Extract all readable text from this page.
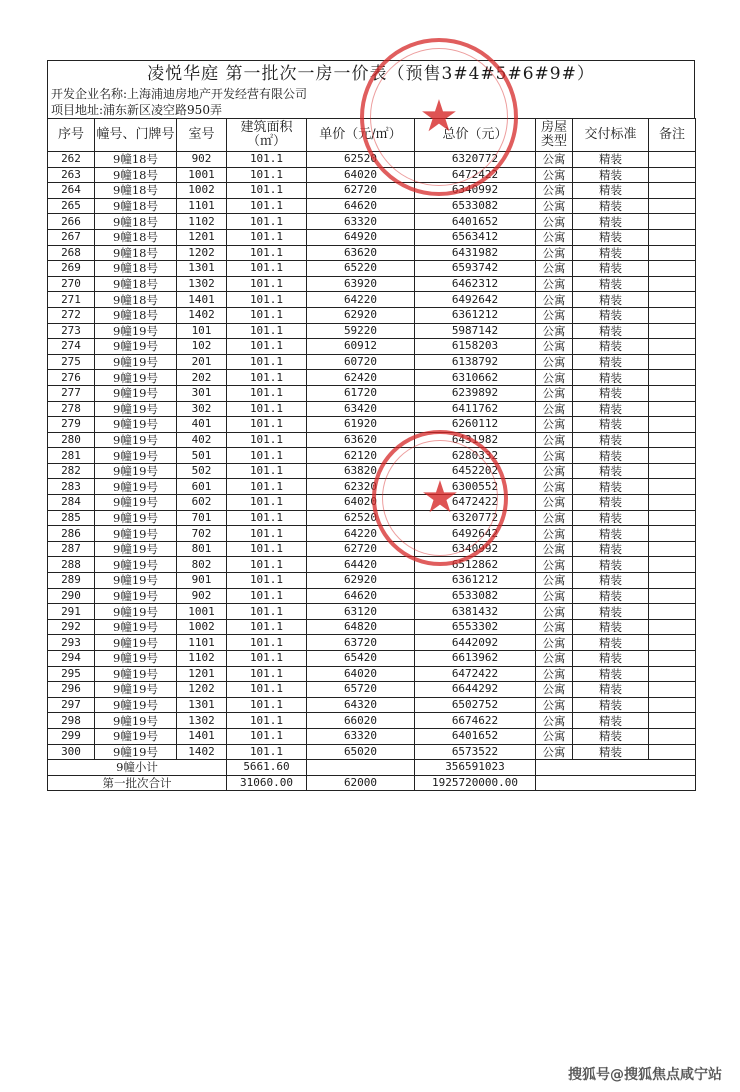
凌悦华庭 第一批次一房一价表（预售3#4#5#6#9#）
开发企业名称:上海浦迪房地产开发经营有限公司
项目地址:浦东新区凌空路950弄
序号	幢号、门牌号	室号	建筑面积（㎡）	单价（元/㎡）	总价（元）	房屋类型	交付标准	备注
262	9幢18号	902	101.1	62520	6320772	公寓	精装	
263	9幢18号	1001	101.1	64020	6472422	公寓	精装	
264	9幢18号	1002	101.1	62720	6340992	公寓	精装	
265	9幢18号	1101	101.1	64620	6533082	公寓	精装	
266	9幢18号	1102	101.1	63320	6401652	公寓	精装	
267	9幢18号	1201	101.1	64920	6563412	公寓	精装	
268	9幢18号	1202	101.1	63620	6431982	公寓	精装	
269	9幢18号	1301	101.1	65220	6593742	公寓	精装	
270	9幢18号	1302	101.1	63920	6462312	公寓	精装	
271	9幢18号	1401	101.1	64220	6492642	公寓	精装	
272	9幢18号	1402	101.1	62920	6361212	公寓	精装	
273	9幢19号	101	101.1	59220	5987142	公寓	精装	
274	9幢19号	102	101.1	60912	6158203	公寓	精装	
275	9幢19号	201	101.1	60720	6138792	公寓	精装	
276	9幢19号	202	101.1	62420	6310662	公寓	精装	
277	9幢19号	301	101.1	61720	6239892	公寓	精装	
278	9幢19号	302	101.1	63420	6411762	公寓	精装	
279	9幢19号	401	101.1	61920	6260112	公寓	精装	
280	9幢19号	402	101.1	63620	6431982	公寓	精装	
281	9幢19号	501	101.1	62120	6280332	公寓	精装	
282	9幢19号	502	101.1	63820	6452202	公寓	精装	
283	9幢19号	601	101.1	62320	6300552	公寓	精装	
284	9幢19号	602	101.1	64020	6472422	公寓	精装	
285	9幢19号	701	101.1	62520	6320772	公寓	精装	
286	9幢19号	702	101.1	64220	6492642	公寓	精装	
287	9幢19号	801	101.1	62720	6340992	公寓	精装	
288	9幢19号	802	101.1	64420	6512862	公寓	精装	
289	9幢19号	901	101.1	62920	6361212	公寓	精装	
290	9幢19号	902	101.1	64620	6533082	公寓	精装	
291	9幢19号	1001	101.1	63120	6381432	公寓	精装	
292	9幢19号	1002	101.1	64820	6553302	公寓	精装	
293	9幢19号	1101	101.1	63720	6442092	公寓	精装	
294	9幢19号	1102	101.1	65420	6613962	公寓	精装	
295	9幢19号	1201	101.1	64020	6472422	公寓	精装	
296	9幢19号	1202	101.1	65720	6644292	公寓	精装	
297	9幢19号	1301	101.1	64320	6502752	公寓	精装	
298	9幢19号	1302	101.1	66020	6674622	公寓	精装	
299	9幢19号	1401	101.1	63320	6401652	公寓	精装	
300	9幢19号	1402	101.1	65020	6573522	公寓	精装	
9幢小计			5661.60		356591023			
第一批次合计			31060.00	62000	1925720000.00			
★
★
搜狐号@搜狐焦点咸宁站
